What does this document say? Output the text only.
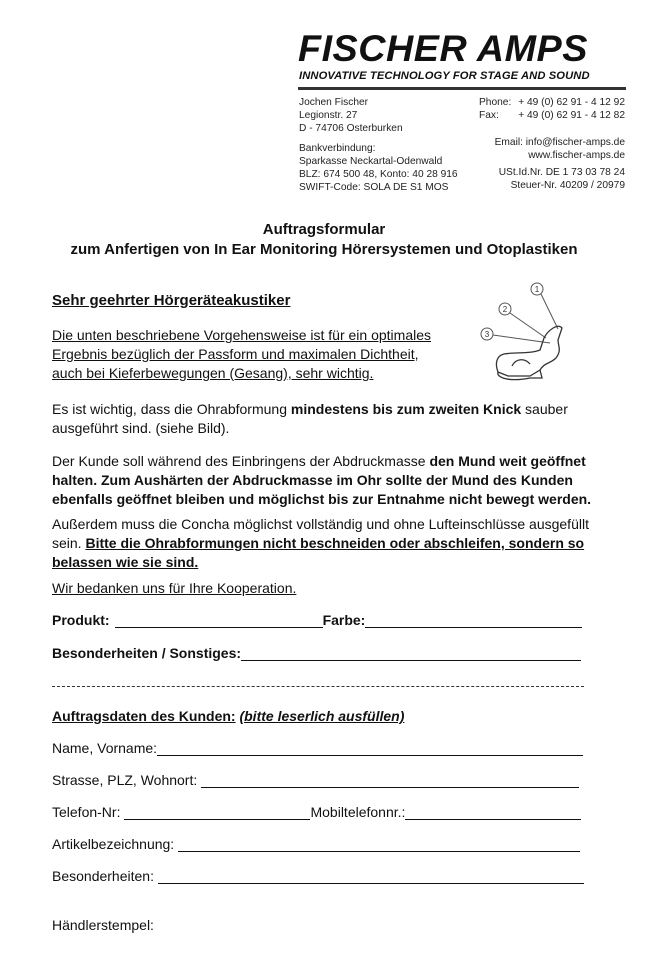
FISCHER AMPS
INNOVATIVE TECHNOLOGY FOR STAGE AND SOUND
Jochen Fischer
Legionstr. 27
D - 74706 Osterburken
Bankverbindung:
Sparkasse Neckartal-Odenwald
BLZ: 674 500 48, Konto: 40 28 916
SWIFT-Code: SOLA DE S1 MOS
Phone:
Fax:
+ 49 (0) 62 91 - 4 12 92
+ 49 (0) 62 91 - 4 12 82
Email: info@fischer-amps.de
www.fischer-amps.de
USt.Id.Nr. DE 1 73 03 78 24
Steuer-Nr. 40209 / 20979
Auftragsformular
zum Anfertigen von In Ear Monitoring Hörersystemen und Otoplastiken
Sehr geehrter Hörgeräteakustiker
Die unten beschriebene Vorgehensweise ist für ein optimales
Ergebnis bezüglich der Passform und maximalen Dichtheit,
auch bei Kieferbewegungen (Gesang), sehr wichtig.
1
2
3
Es ist wichtig, dass die Ohrabformung mindestens bis zum zweiten Knick sauber
ausgeführt sind. (siehe Bild).
Der Kunde soll während des Einbringens der Abdruckmasse den Mund weit geöffnet
halten. Zum Aushärten der Abdruckmasse im Ohr sollte der Mund des Kunden
ebenfalls geöffnet bleiben und möglichst bis zur Entnahme nicht bewegt werden.
Außerdem muss die Concha möglichst vollständig und ohne Lufteinschlüsse ausgefüllt
sein. Bitte die Ohrabformungen nicht beschneiden oder abschleifen, sondern so
belassen wie sie sind.
Wir bedanken uns für Ihre Kooperation.
Produkt:	Farbe:
Besonderheiten / Sonstiges:
Auftragsdaten des Kunden:
(bitte leserlich ausfüllen)
Name, Vorname:
Strasse, PLZ, Wohnort:
Telefon-Nr:	Mobiltelefonnr.:
Artikelbezeichnung:
Besonderheiten:
Händlerstempel:
